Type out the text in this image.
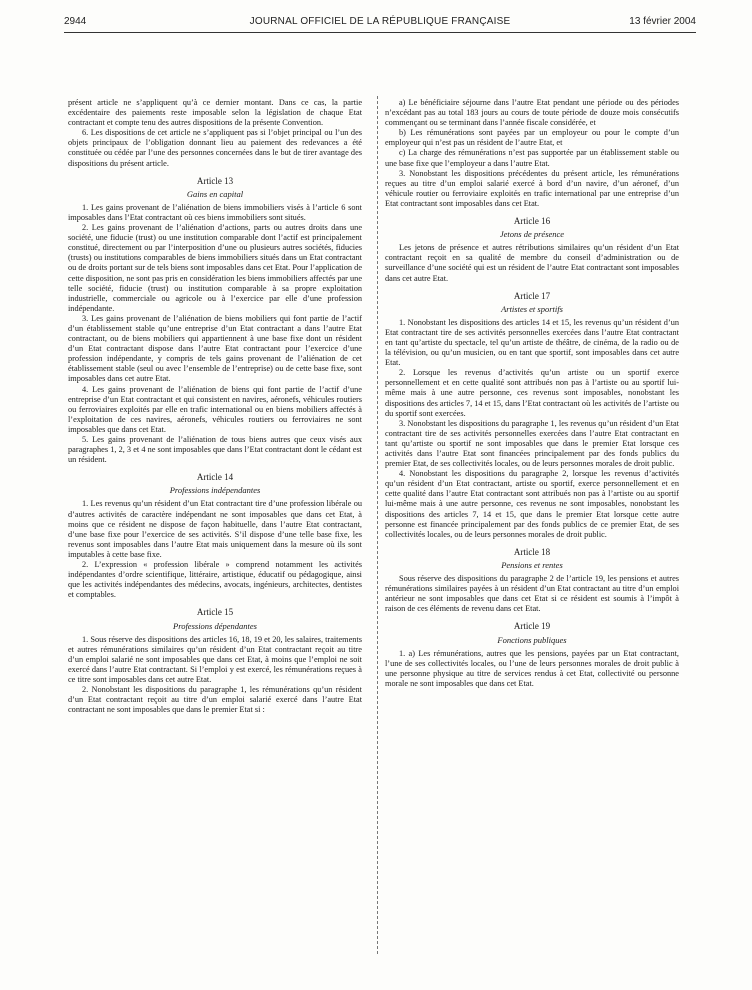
2944	JOURNAL OFFICIEL DE LA RÉPUBLIQUE FRANÇAISE	13 février 2004

présent article ne s’appliquent qu’à ce dernier montant. Dans ce cas, la partie excédentaire des paiements reste imposable selon la législation de chaque Etat contractant et compte tenu des autres dispositions de la présente Convention.

6. Les dispositions de cet article ne s’appliquent pas si l’objet principal ou l’un des objets principaux de l’obligation donnant lieu au paiement des redevances a été constituée ou cédée par l’une des personnes concernées dans le but de tirer avantage des dispositions du présent article.

Article 13
Gains en capital

1. Les gains provenant de l’aliénation de biens immobiliers visés à l’article 6 sont imposables dans l’Etat contractant où ces biens immobiliers sont situés.

2. Les gains provenant de l’aliénation d’actions, parts ou autres droits dans une société, une fiducie (trust) ou une institution comparable dont l’actif est principalement constitué, directement ou par l’interposition d’une ou plusieurs autres sociétés, fiducies (trusts) ou institutions comparables de biens immobiliers situés dans un Etat contractant ou de droits portant sur de tels biens sont imposables dans cet Etat. Pour l’application de cette disposition, ne sont pas pris en considération les biens immobiliers affectés par une telle société, fiducie (trust) ou institution comparable à sa propre exploitation industrielle, commerciale ou agricole ou à l’exercice par elle d’une profession indépendante.

3. Les gains provenant de l’aliénation de biens mobiliers qui font partie de l’actif d’un établissement stable qu’une entreprise d’un Etat contractant a dans l’autre Etat contractant, ou de biens mobiliers qui appartiennent à une base fixe dont un résident d’un Etat contractant dispose dans l’autre Etat contractant pour l’exercice d’une profession indépendante, y compris de tels gains provenant de l’aliénation de cet établissement stable (seul ou avec l’ensemble de l’entreprise) ou de cette base fixe, sont imposables dans cet autre Etat.

4. Les gains provenant de l’aliénation de biens qui font partie de l’actif d’une entreprise d’un Etat contractant et qui consistent en navires, aéronefs, véhicules routiers ou ferroviaires exploités par elle en trafic international ou en biens mobiliers affectés à l’exploitation de ces navires, aéronefs, véhicules routiers ou ferroviaires ne sont imposables que dans cet Etat.

5. Les gains provenant de l’aliénation de tous biens autres que ceux visés aux paragraphes 1, 2, 3 et 4 ne sont imposables que dans l’Etat contractant dont le cédant est un résident.

Article 14
Professions indépendantes

1. Les revenus qu’un résident d’un Etat contractant tire d’une profession libérale ou d’autres activités de caractère indépendant ne sont imposables que dans cet Etat, à moins que ce résident ne dispose de façon habituelle, dans l’autre Etat contractant, d’une base fixe pour l’exercice de ses activités. S’il dispose d’une telle base fixe, les revenus sont imposables dans l’autre Etat mais uniquement dans la mesure où ils sont imputables à cette base fixe.

2. L’expression « profession libérale » comprend notamment les activités indépendantes d’ordre scientifique, littéraire, artistique, éducatif ou pédagogique, ainsi que les activités indépendantes des médecins, avocats, ingénieurs, architectes, dentistes et comptables.

Article 15
Professions dépendantes

1. Sous réserve des dispositions des articles 16, 18, 19 et 20, les salaires, traitements et autres rémunérations similaires qu’un résident d’un Etat contractant reçoit au titre d’un emploi salarié ne sont imposables que dans cet Etat, à moins que l’emploi ne soit exercé dans l’autre Etat contractant. Si l’emploi y est exercé, les rémunérations reçues à ce titre sont imposables dans cet autre Etat.

2. Nonobstant les dispositions du paragraphe 1, les rémunérations qu’un résident d’un Etat contractant reçoit au titre d’un emploi salarié exercé dans l’autre Etat contractant ne sont imposables que dans le premier Etat si :

a) Le bénéficiaire séjourne dans l’autre Etat pendant une période ou des périodes n’excédant pas au total 183 jours au cours de toute période de douze mois consécutifs commençant ou se terminant dans l’année fiscale considérée, et

b) Les rémunérations sont payées par un employeur ou pour le compte d’un employeur qui n’est pas un résident de l’autre Etat, et

c) La charge des rémunérations n’est pas supportée par un établissement stable ou une base fixe que l’employeur a dans l’autre Etat.

3. Nonobstant les dispositions précédentes du présent article, les rémunérations reçues au titre d’un emploi salarié exercé à bord d’un navire, d’un aéronef, d’un véhicule routier ou ferroviaire exploités en trafic international par une entreprise d’un Etat contractant sont imposables dans cet Etat.

Article 16
Jetons de présence

Les jetons de présence et autres rétributions similaires qu’un résident d’un Etat contractant reçoit en sa qualité de membre du conseil d’administration ou de surveillance d’une société qui est un résident de l’autre Etat contractant sont imposables dans cet autre Etat.

Article 17
Artistes et sportifs

1. Nonobstant les dispositions des articles 14 et 15, les revenus qu’un résident d’un Etat contractant tire de ses activités personnelles exercées dans l’autre Etat contractant en tant qu’artiste du spectacle, tel qu’un artiste de théâtre, de cinéma, de la radio ou de la télévision, ou qu’un musicien, ou en tant que sportif, sont imposables dans cet autre Etat.

2. Lorsque les revenus d’activités qu’un artiste ou un sportif exerce personnellement et en cette qualité sont attribués non pas à l’artiste ou au sportif lui-même mais à une autre personne, ces revenus sont imposables, nonobstant les dispositions des articles 7, 14 et 15, dans l’Etat contractant où les activités de l’artiste ou du sportif sont exercées.

3. Nonobstant les dispositions du paragraphe 1, les revenus qu’un résident d’un Etat contractant tire de ses activités personnelles exercées dans l’autre Etat contractant en tant qu’artiste ou sportif ne sont imposables que dans le premier Etat lorsque ces activités dans l’autre Etat sont financées principalement par des fonds publics du premier Etat, de ses collectivités locales, ou de leurs personnes morales de droit public.

4. Nonobstant les dispositions du paragraphe 2, lorsque les revenus d’activités qu’un résident d’un Etat contractant, artiste ou sportif, exerce personnellement et en cette qualité dans l’autre Etat contractant sont attribués non pas à l’artiste ou au sportif lui-même mais à une autre personne, ces revenus ne sont imposables, nonobstant les dispositions des articles 7, 14 et 15, que dans le premier Etat lorsque cette autre personne est financée principalement par des fonds publics de ce premier Etat, de ses collectivités locales, ou de leurs personnes morales de droit public.

Article 18
Pensions et rentes

Sous réserve des dispositions du paragraphe 2 de l’article 19, les pensions et autres rémunérations similaires payées à un résident d’un Etat contractant au titre d’un emploi antérieur ne sont imposables que dans cet Etat si ce résident est soumis à l’impôt à raison de ces éléments de revenu dans cet Etat.

Article 19
Fonctions publiques

1. a) Les rémunérations, autres que les pensions, payées par un Etat contractant, l’une de ses collectivités locales, ou l’une de leurs personnes morales de droit public à une personne physique au titre de services rendus à cet Etat, collectivité ou personne morale ne sont imposables que dans cet Etat.
